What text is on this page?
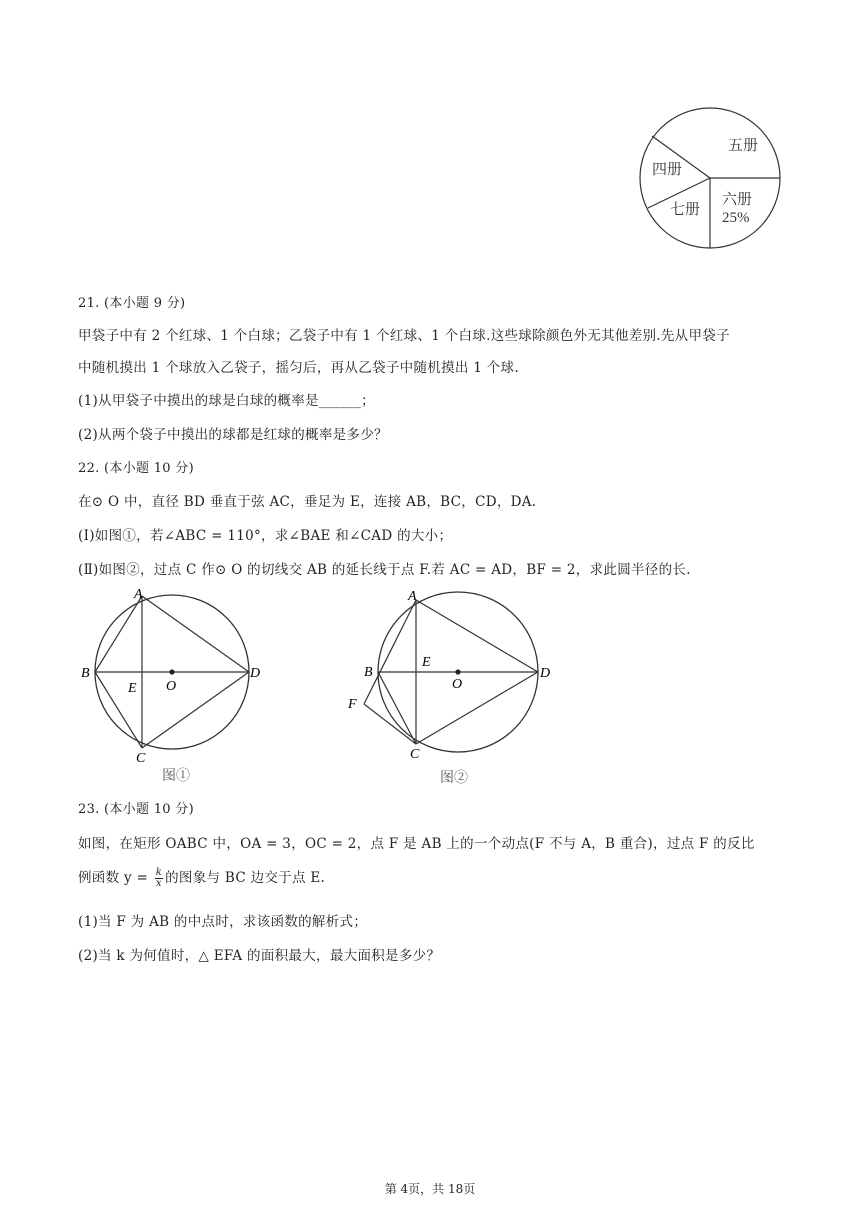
五册
四册
七册
六册
25%
21. (本小题 9 分)
甲袋子中有 2 个红球、1 个白球；乙袋子中有 1 个红球、1 个白球.这些球除颜色外无其他差别.先从甲袋子
中随机摸出 1 个球放入乙袋子，摇匀后，再从乙袋子中随机摸出 1 个球.
(1)从甲袋子中摸出的球是白球的概率是______；
(2)从两个袋子中摸出的球都是红球的概率是多少？
22. (本小题 10 分)
在⊙ O 中，直径 BD 垂直于弦 AC，垂足为 E，连接 AB，BC，CD，DA.
(Ⅰ)如图①，若∠ABC = 110°，求∠BAE 和∠CAD 的大小；
(Ⅱ)如图②，过点 C 作⊙ O 的切线交 AB 的延长线于点 F.若 AC = AD，BF = 2，求此圆半径的长.
A
B
C
D
E O
图①
A
B
C
D
E
O
F
图②
23. (本小题 10 分)
如图，在矩形 OABC 中，OA = 3，OC = 2，点 F 是 AB 上的一个动点(F 不与 A，B 重合)，过点 F 的反比
例函数 $y = \frac{k}{x}$ 的图象与 BC 边交于点 E.
(1)当 F 为 AB 的中点时，求该函数的解析式；
(2)当 k 为何值时，△ EFA 的面积最大，最大面积是多少？
第 4页，共 18页
